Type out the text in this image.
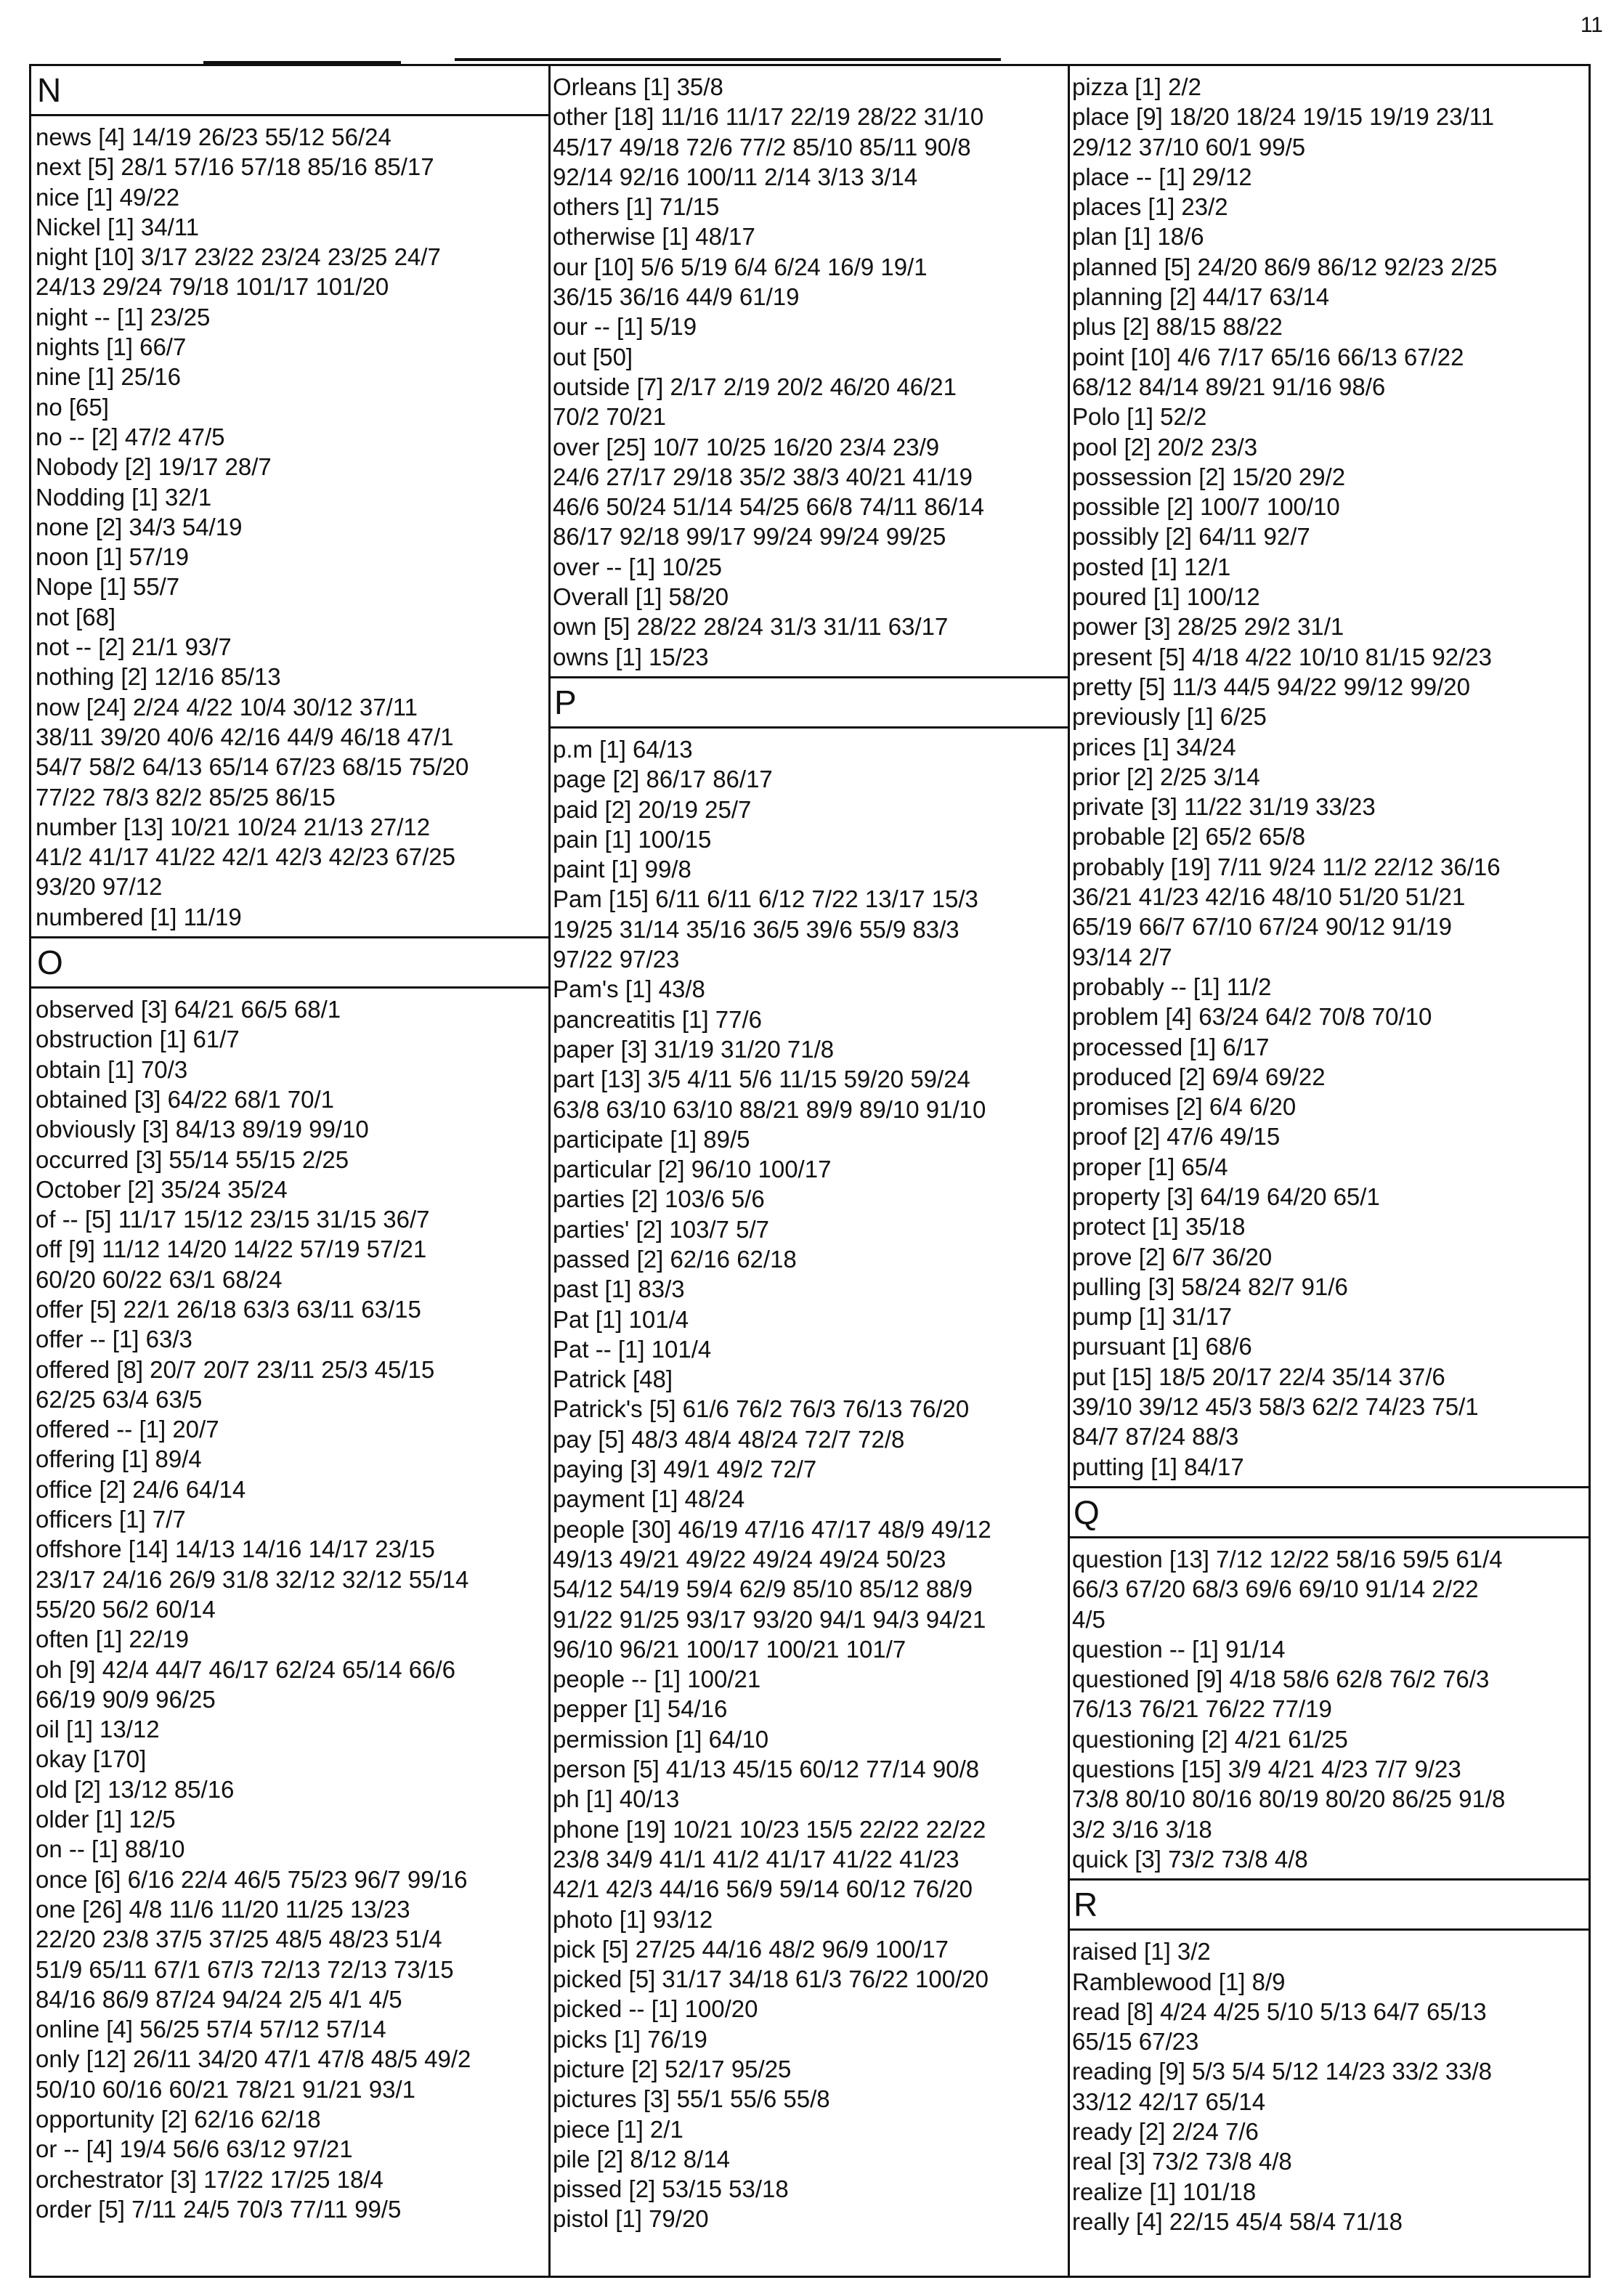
11
N
news [4] 14/19 26/23 55/12 56/24
next [5] 28/1 57/16 57/18 85/16 85/17
nice [1] 49/22
Nickel [1] 34/11
night [10] 3/17 23/22 23/24 23/25 24/7
24/13 29/24 79/18 101/17 101/20
night -- [1] 23/25
nights [1] 66/7
nine [1] 25/16
no [65]
no -- [2] 47/2 47/5
Nobody [2] 19/17 28/7
Nodding [1] 32/1
none [2] 34/3 54/19
noon [1] 57/19
Nope [1] 55/7
not [68]
not -- [2] 21/1 93/7
nothing [2] 12/16 85/13
now [24] 2/24 4/22 10/4 30/12 37/11
38/11 39/20 40/6 42/16 44/9 46/18 47/1
54/7 58/2 64/13 65/14 67/23 68/15 75/20
77/22 78/3 82/2 85/25 86/15
number [13] 10/21 10/24 21/13 27/12
41/2 41/17 41/22 42/1 42/3 42/23 67/25
93/20 97/12
numbered [1] 11/19
O
observed [3] 64/21 66/5 68/1
obstruction [1] 61/7
obtain [1] 70/3
obtained [3] 64/22 68/1 70/1
obviously [3] 84/13 89/19 99/10
occurred [3] 55/14 55/15 2/25
October [2] 35/24 35/24
of -- [5] 11/17 15/12 23/15 31/15 36/7
off [9] 11/12 14/20 14/22 57/19 57/21
60/20 60/22 63/1 68/24
offer [5] 22/1 26/18 63/3 63/11 63/15
offer -- [1] 63/3
offered [8] 20/7 20/7 23/11 25/3 45/15
62/25 63/4 63/5
offered -- [1] 20/7
offering [1] 89/4
office [2] 24/6 64/14
officers [1] 7/7
offshore [14] 14/13 14/16 14/17 23/15
23/17 24/16 26/9 31/8 32/12 32/12 55/14
55/20 56/2 60/14
often [1] 22/19
oh [9] 42/4 44/7 46/17 62/24 65/14 66/6
66/19 90/9 96/25
oil [1] 13/12
okay [170]
old [2] 13/12 85/16
older [1] 12/5
on -- [1] 88/10
once [6] 6/16 22/4 46/5 75/23 96/7 99/16
one [26] 4/8 11/6 11/20 11/25 13/23
22/20 23/8 37/5 37/25 48/5 48/23 51/4
51/9 65/11 67/1 67/3 72/13 72/13 73/15
84/16 86/9 87/24 94/24 2/5 4/1 4/5
online [4] 56/25 57/4 57/12 57/14
only [12] 26/11 34/20 47/1 47/8 48/5 49/2
50/10 60/16 60/21 78/21 91/21 93/1
opportunity [2] 62/16 62/18
or -- [4] 19/4 56/6 63/12 97/21
orchestrator [3] 17/22 17/25 18/4
order [5] 7/11 24/5 70/3 77/11 99/5
Orleans [1] 35/8
other [18] 11/16 11/17 22/19 28/22 31/10
45/17 49/18 72/6 77/2 85/10 85/11 90/8
92/14 92/16 100/11 2/14 3/13 3/14
others [1] 71/15
otherwise [1] 48/17
our [10] 5/6 5/19 6/4 6/24 16/9 19/1
36/15 36/16 44/9 61/19
our -- [1] 5/19
out [50]
outside [7] 2/17 2/19 20/2 46/20 46/21
70/2 70/21
over [25] 10/7 10/25 16/20 23/4 23/9
24/6 27/17 29/18 35/2 38/3 40/21 41/19
46/6 50/24 51/14 54/25 66/8 74/11 86/14
86/17 92/18 99/17 99/24 99/24 99/25
over -- [1] 10/25
Overall [1] 58/20
own [5] 28/22 28/24 31/3 31/11 63/17
owns [1] 15/23
P
p.m [1] 64/13
page [2] 86/17 86/17
paid [2] 20/19 25/7
pain [1] 100/15
paint [1] 99/8
Pam [15] 6/11 6/11 6/12 7/22 13/17 15/3
19/25 31/14 35/16 36/5 39/6 55/9 83/3
97/22 97/23
Pam's [1] 43/8
pancreatitis [1] 77/6
paper [3] 31/19 31/20 71/8
part [13] 3/5 4/11 5/6 11/15 59/20 59/24
63/8 63/10 63/10 88/21 89/9 89/10 91/10
participate [1] 89/5
particular [2] 96/10 100/17
parties [2] 103/6 5/6
parties' [2] 103/7 5/7
passed [2] 62/16 62/18
past [1] 83/3
Pat [1] 101/4
Pat -- [1] 101/4
Patrick [48]
Patrick's [5] 61/6 76/2 76/3 76/13 76/20
pay [5] 48/3 48/4 48/24 72/7 72/8
paying [3] 49/1 49/2 72/7
payment [1] 48/24
people [30] 46/19 47/16 47/17 48/9 49/12
49/13 49/21 49/22 49/24 49/24 50/23
54/12 54/19 59/4 62/9 85/10 85/12 88/9
91/22 91/25 93/17 93/20 94/1 94/3 94/21
96/10 96/21 100/17 100/21 101/7
people -- [1] 100/21
pepper [1] 54/16
permission [1] 64/10
person [5] 41/13 45/15 60/12 77/14 90/8
ph [1] 40/13
phone [19] 10/21 10/23 15/5 22/22 22/22
23/8 34/9 41/1 41/2 41/17 41/22 41/23
42/1 42/3 44/16 56/9 59/14 60/12 76/20
photo [1] 93/12
pick [5] 27/25 44/16 48/2 96/9 100/17
picked [5] 31/17 34/18 61/3 76/22 100/20
picked -- [1] 100/20
picks [1] 76/19
picture [2] 52/17 95/25
pictures [3] 55/1 55/6 55/8
piece [1] 2/1
pile [2] 8/12 8/14
pissed [2] 53/15 53/18
pistol [1] 79/20
pizza [1] 2/2
place [9] 18/20 18/24 19/15 19/19 23/11
29/12 37/10 60/1 99/5
place -- [1] 29/12
places [1] 23/2
plan [1] 18/6
planned [5] 24/20 86/9 86/12 92/23 2/25
planning [2] 44/17 63/14
plus [2] 88/15 88/22
point [10] 4/6 7/17 65/16 66/13 67/22
68/12 84/14 89/21 91/16 98/6
Polo [1] 52/2
pool [2] 20/2 23/3
possession [2] 15/20 29/2
possible [2] 100/7 100/10
possibly [2] 64/11 92/7
posted [1] 12/1
poured [1] 100/12
power [3] 28/25 29/2 31/1
present [5] 4/18 4/22 10/10 81/15 92/23
pretty [5] 11/3 44/5 94/22 99/12 99/20
previously [1] 6/25
prices [1] 34/24
prior [2] 2/25 3/14
private [3] 11/22 31/19 33/23
probable [2] 65/2 65/8
probably [19] 7/11 9/24 11/2 22/12 36/16
36/21 41/23 42/16 48/10 51/20 51/21
65/19 66/7 67/10 67/24 90/12 91/19
93/14 2/7
probably -- [1] 11/2
problem [4] 63/24 64/2 70/8 70/10
processed [1] 6/17
produced [2] 69/4 69/22
promises [2] 6/4 6/20
proof [2] 47/6 49/15
proper [1] 65/4
property [3] 64/19 64/20 65/1
protect [1] 35/18
prove [2] 6/7 36/20
pulling [3] 58/24 82/7 91/6
pump [1] 31/17
pursuant [1] 68/6
put [15] 18/5 20/17 22/4 35/14 37/6
39/10 39/12 45/3 58/3 62/2 74/23 75/1
84/7 87/24 88/3
putting [1] 84/17
Q
question [13] 7/12 12/22 58/16 59/5 61/4
66/3 67/20 68/3 69/6 69/10 91/14 2/22
4/5
question -- [1] 91/14
questioned [9] 4/18 58/6 62/8 76/2 76/3
76/13 76/21 76/22 77/19
questioning [2] 4/21 61/25
questions [15] 3/9 4/21 4/23 7/7 9/23
73/8 80/10 80/16 80/19 80/20 86/25 91/8
3/2 3/16 3/18
quick [3] 73/2 73/8 4/8
R
raised [1] 3/2
Ramblewood [1] 8/9
read [8] 4/24 4/25 5/10 5/13 64/7 65/13
65/15 67/23
reading [9] 5/3 5/4 5/12 14/23 33/2 33/8
33/12 42/17 65/14
ready [2] 2/24 7/6
real [3] 73/2 73/8 4/8
realize [1] 101/18
really [4] 22/15 45/4 58/4 71/18
